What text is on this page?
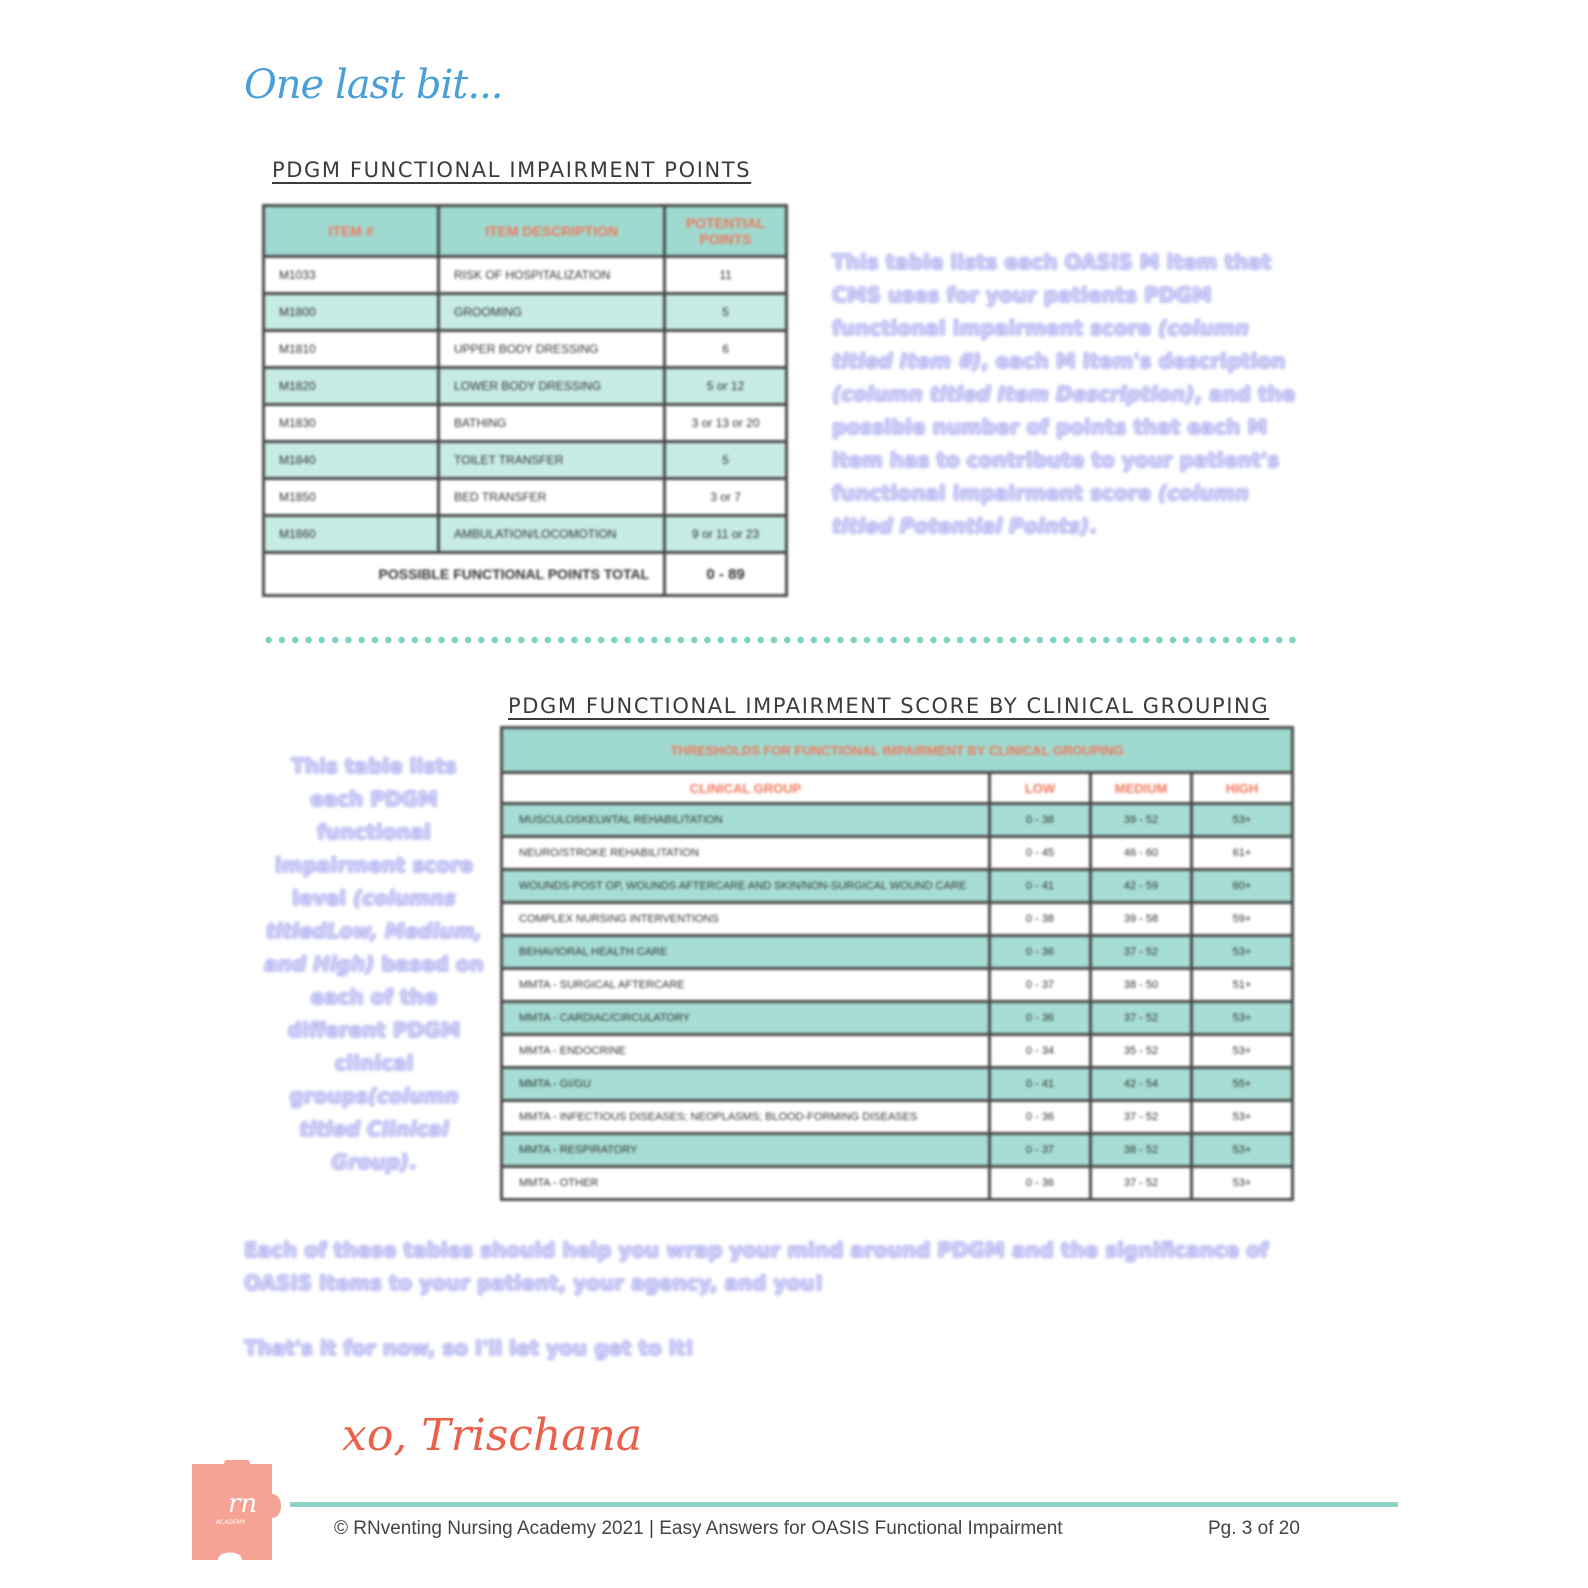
One last bit...
PDGM FUNCTIONAL IMPAIRMENT POINTS
ITEM #	ITEM DESCRIPTION	POTENTIAL POINTS
M1033	RISK OF HOSPITALIZATION	11
M1800	GROOMING	5
M1810	UPPER BODY DRESSING	6
M1820	LOWER BODY DRESSING	5 or 12
M1830	BATHING	3 or 13 or 20
M1840	TOILET TRANSFER	5
M1850	BED TRANSFER	3 or 7
M1860	AMBULATION/LOCOMOTION	9 or 11 or 23
POSSIBLE FUNCTIONAL POINTS TOTAL		0 - 89
This table lists each OASIS M item that CMS uses for your patients PDGM functional impairment score (column titled Item #), each M item's description (column titled Item Description), and the possible number of points that each M item has to contribute to your patient's functional impairment score (column titled Potential Points).
PDGM FUNCTIONAL IMPAIRMENT SCORE BY CLINICAL GROUPING
This table lists each PDGM functional impairment score level (columns titledLow, Medium, and High) based on each of the different PDGM clinical groups(column titled Clinical Group).
THRESHOLDS FOR FUNCTIONAL IMPAIRMENT BY CLINICAL GROUPING			
CLINICAL GROUP	LOW	MEDIUM	HIGH
MUSCULOSKELWTAL REHABILITATION	0 - 38	39 - 52	53+
NEURO/STROKE REHABILITATION	0 - 45	46 - 60	61+
WOUNDS-POST OP, WOUNDS AFTERCARE AND SKIN/NON-SURGICAL WOUND CARE	0 - 41	42 - 59	60+
COMPLEX NURSING INTERVENTIONS	0 - 38	39 - 58	59+
BEHAVIORAL HEALTH CARE	0 - 36	37 - 52	53+
MMTA - SURGICAL AFTERCARE	0 - 37	38 - 50	51+
MMTA - CARDIAC/CIRCULATORY	0 - 36	37 - 52	53+
MMTA - ENDOCRINE	0 - 34	35 - 52	53+
MMTA - GI/GU	0 - 41	42 - 54	55+
MMTA - INFECTIOUS DISEASES; NEOPLASMS; BLOOD-FORMING DISEASES	0 - 36	37 - 52	53+
MMTA - RESPIRATORY	0 - 37	38 - 52	53+
MMTA - OTHER	0 - 36	37 - 52	53+
Each of these tables should help you wrap your mind around PDGM and the significance of OASIS items to your patient, your agency, and you!
That's it for now, so I'll let you get to it!
xo, Trischana
rn
ACADEMY	© RNventing Nursing Academy 2021 | Easy Answers for OASIS Functional Impairment	Pg. 3 of 20
